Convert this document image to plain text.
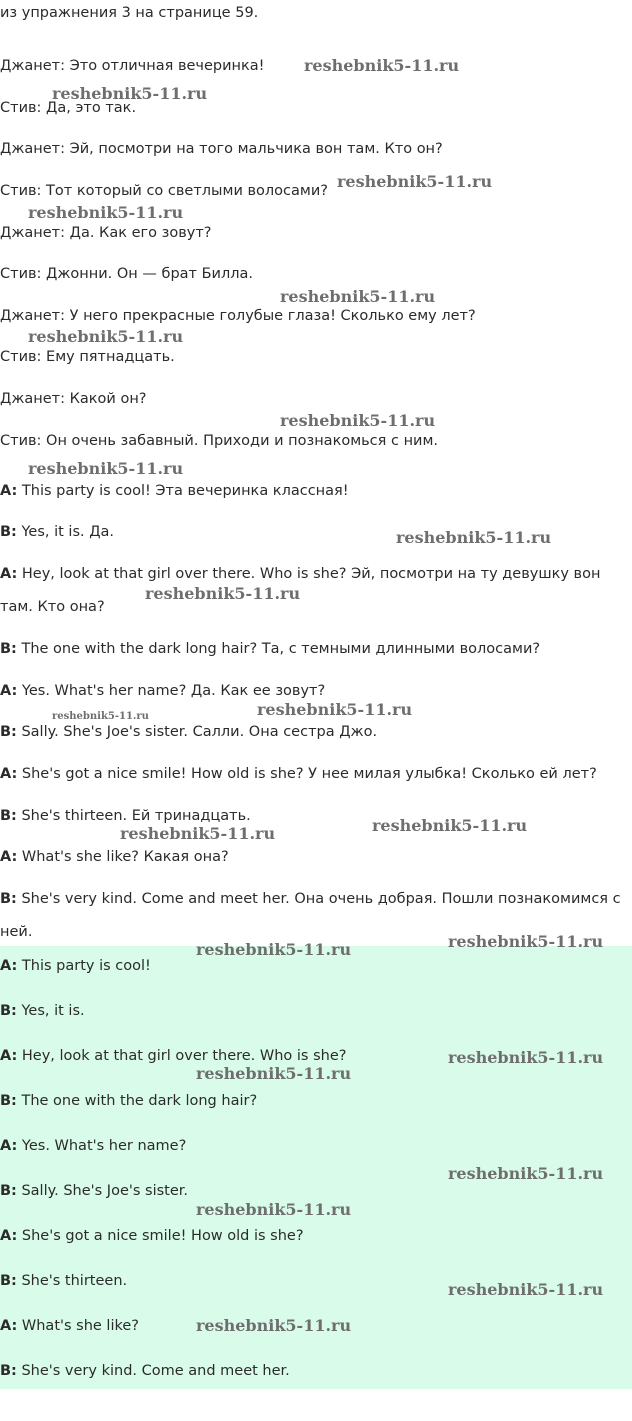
из упражнения 3 на странице 59.
Джанет: Это отличная вечеринка!
Стив: Да, это так.
Джанет: Эй, посмотри на того мальчика вон там. Кто он?
Стив: Тот который со светлыми волосами?
Джанет: Да. Как его зовут?
Стив: Джонни. Он — брат Билла.
Джанет: У него прекрасные голубые глаза! Сколько ему лет?
Стив: Ему пятнадцать.
Джанет: Какой он?
Стив: Он очень забавный. Приходи и познакомься с ним.
A: This party is cool! Эта вечеринка классная!
B: Yes, it is. Да.
A: Hey, look at that girl over there. Who is she? Эй, посмотри на ту девушку вон
там. Кто она?
B: The one with the dark long hair? Та, с темными длинными волосами?
A: Yes. What's her name? Да. Как ее зовут?
B: Sally. She's Joe's sister. Салли. Она сестра Джо.
A: She's got a nice smile! How old is she? У нее милая улыбка! Сколько ей лет?
B: She's thirteen. Ей тринадцать.
A: What's she like? Какая она?
B: She's very kind. Come and meet her. Она очень добрая. Пошли познакомимся с
ней.
A: This party is cool!
B: Yes, it is.
A: Hey, look at that girl over there. Who is she?
B: The one with the dark long hair?
A: Yes. What's her name?
B: Sally. She's Joe's sister.
A: She's got a nice smile! How old is she?
B: She's thirteen.
A: What's she like?
B: She's very kind. Come and meet her.
reshebnik5-11.ru
reshebnik5-11.ru
reshebnik5-11.ru
reshebnik5-11.ru
reshebnik5-11.ru
reshebnik5-11.ru
reshebnik5-11.ru
reshebnik5-11.ru
reshebnik5-11.ru
reshebnik5-11.ru
reshebnik5-11.ru	reshebnik5-11.ru
reshebnik5-11.ru
reshebnik5-11.ru
reshebnik5-11.ru
reshebnik5-11.ru
reshebnik5-11.ru
reshebnik5-11.ru
reshebnik5-11.ru
reshebnik5-11.ru
reshebnik5-11.ru
reshebnik5-11.ru
